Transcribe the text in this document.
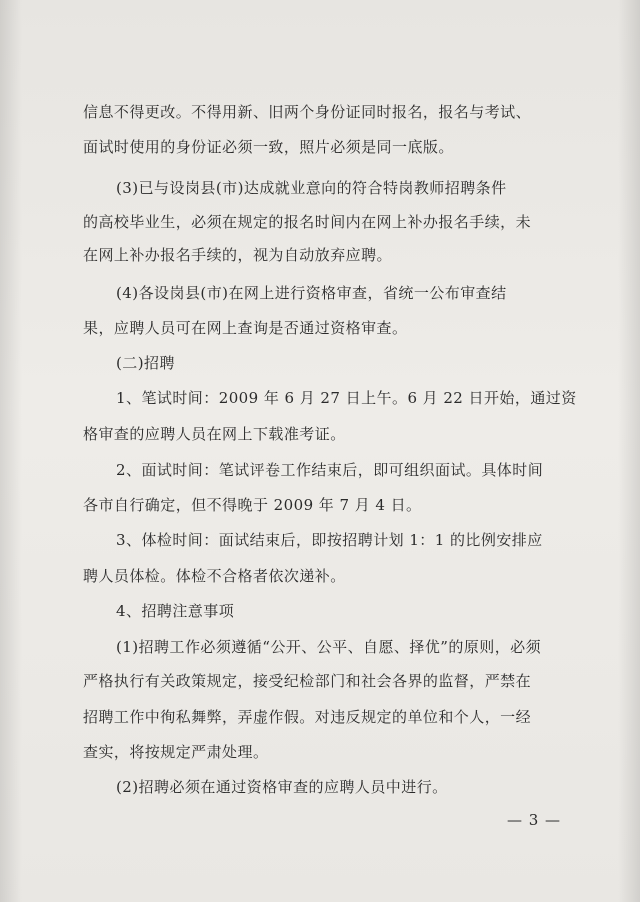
信息不得更改。不得用新、旧两个身份证同时报名，报名与考试、
面试时使用的身份证必须一致，照片必须是同一底版。
(3)已与设岗县(市)达成就业意向的符合特岗教师招聘条件
的高校毕业生，必须在规定的报名时间内在网上补办报名手续，未
在网上补办报名手续的，视为自动放弃应聘。
(4)各设岗县(市)在网上进行资格审查，省统一公布审查结
果，应聘人员可在网上查询是否通过资格审查。
(二)招聘
1、笔试时间：2009 年 6 月 27 日上午。6 月 22 日开始，通过资
格审查的应聘人员在网上下载准考证。
2、面试时间：笔试评卷工作结束后，即可组织面试。具体时间
各市自行确定，但不得晚于 2009 年 7 月 4 日。
3、体检时间：面试结束后，即按招聘计划 1：1 的比例安排应
聘人员体检。体检不合格者依次递补。
4、招聘注意事项
(1)招聘工作必须遵循“公开、公平、自愿、择优”的原则，必须
严格执行有关政策规定，接受纪检部门和社会各界的监督，严禁在
招聘工作中徇私舞弊，弄虚作假。对违反规定的单位和个人，一经
查实，将按规定严肃处理。
(2)招聘必须在通过资格审查的应聘人员中进行。
— 3 —
